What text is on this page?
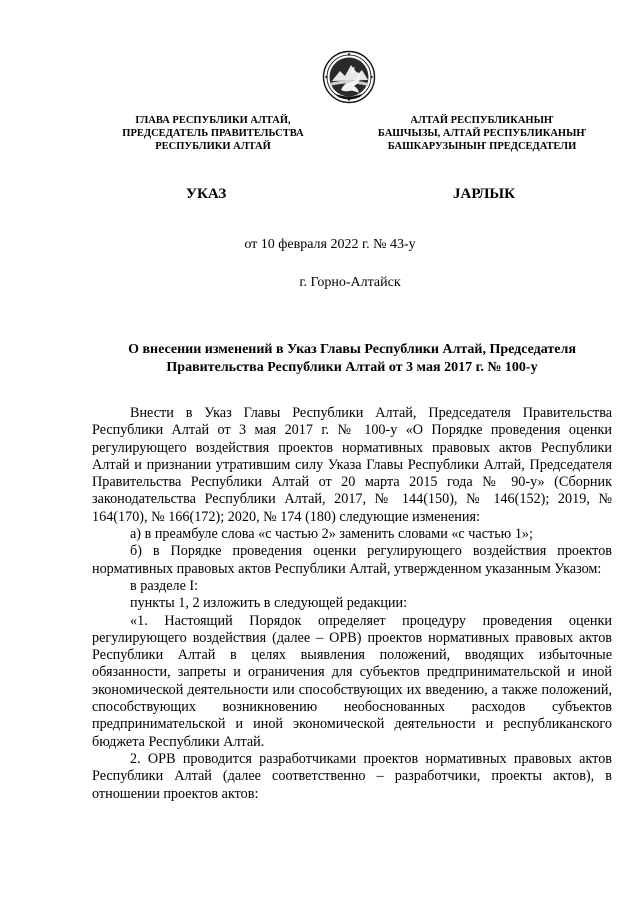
ГЛАВА РЕСПУБЛИКИ АЛТАЙ,
ПРЕДСЕДАТЕЛЬ ПРАВИТЕЛЬСТВА
РЕСПУБЛИКИ АЛТАЙ
АЛТАЙ РЕСПУБЛИКАНЫҤ
БАШЧЫЗЫ, АЛТАЙ РЕСПУБЛИКАНЫҤ
БАШКАРУЗЫНЫҤ ПРЕДСЕДАТЕЛИ
УКАЗ	JАРЛЫК
от 10 февраля 2022 г. № 43-у
г. Горно-Алтайск
О внесении изменений в Указ Главы Республики Алтай, Председателя Правительства Республики Алтай от 3 мая 2017 г. № 100-у

Внести в Указ Главы Республики Алтай, Председателя Правительства Республики Алтай от 3 мая 2017 г. № 100-у «О Порядке проведения оценки регулирующего воздействия проектов нормативных правовых актов Республики Алтай и признании утратившим силу Указа Главы Республики Алтай, Председателя Правительства Республики Алтай от 20 марта 2015 года № 90-у» (Сборник законодательства Республики Алтай, 2017, № 144(150), № 146(152); 2019, № 164(170), № 166(172); 2020, № 174 (180) следующие изменения:

а) в преамбуле слова «с частью 2» заменить словами «с частью 1»;

б) в Порядке проведения оценки регулирующего воздействия проектов нормативных правовых актов Республики Алтай, утвержденном указанным Указом:

в разделе I:

пункты 1, 2 изложить в следующей редакции:

«1. Настоящий Порядок определяет процедуру проведения оценки регулирующего воздействия (далее – ОРВ) проектов нормативных правовых актов Республики Алтай в целях выявления положений, вводящих избыточные обязанности, запреты и ограничения для субъектов предпринимательской и иной экономической деятельности или способствующих их введению, а также положений, способствующих возникновению необоснованных расходов субъектов предпринимательской и иной экономической деятельности и республиканского бюджета Республики Алтай.

2. ОРВ проводится разработчиками проектов нормативных правовых актов Республики Алтай (далее соответственно – разработчики, проекты актов), в отношении проектов актов:
